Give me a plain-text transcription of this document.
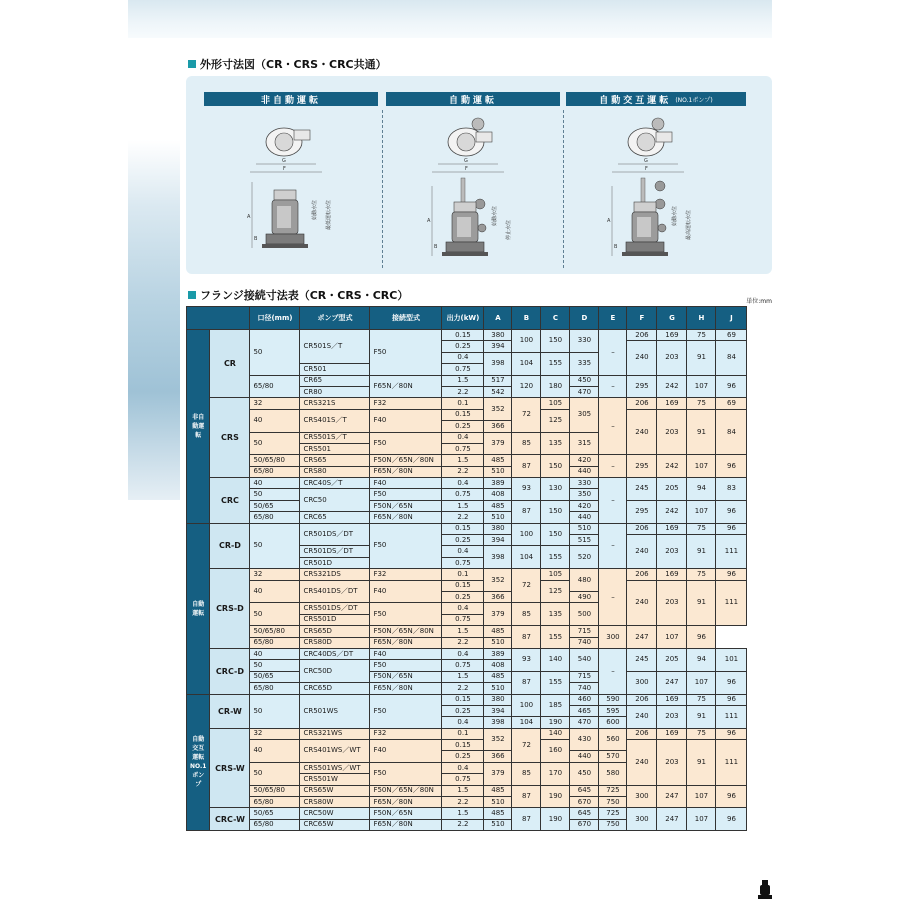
外形寸法図（CR・CRS・CRC共通）
非自動運転	自動運転	自動交互運転 (NO.1ポンプ)
G
F
A
B
始動水位 最低運転水位
G
F
A
B
始動水位
停止水位
G
F
A
B
始動水位 最高運転水位
フランジ接続寸法表（CR・CRS・CRC）	単位:mm
		口径(mm)	ポンプ型式	接続型式	出力(kW)	A	B	C	D	E	F	G	H	J
非自動運転	CR	50	CR501S／T	F50	0.15	380	100	150	330	–	206	169	75	69
					0.25	394					240	203	91	84
					0.4	398	104	155	335					
			CR501		0.75									
		65/80	CR65	F65N／80N	1.5	517	120	180	450	–	295	242	107	96
			CR80		2.2	542			470					
	CRS	32	CRS321S	F32	0.1	352	72	105	305	–	206	169	75	69
					0.15			125						
		40	CRS401S／T	F40							240	203	91	84
					0.25	366								
		50	CRS501S／T	F50	0.4	379	85	135	315					
			CRS501		0.75									
		50/65/80	CRS65	F50N／65N／80N	1.5	485	87	150	420	–	295	242	107	96
		65/80	CRS80	F65N／80N	2.2	510			440					
	CRC	40	CRC40S／T	F40	0.4	389	93	130	330	–	245	205	94	83
		50	CRC50	F50	0.75	408			350					
		50/65		F50N／65N	1.5	485	87	150	420		295	242	107	96
		65/80	CRC65	F65N／80N	2.2	510			440					
自動運転	CR-D	50	CR501DS／DT	F50	0.15	380	100	150	510	–	206	169	75	96
					0.25	394			515		240	203	91	111
			CR501DS／DT		0.4	398	104	155	520					
			CR501D		0.75									
	CRS-D	32	CRS321DS	F32	0.1	352	72	105	480	–	206	169	75	96
					0.15			125						
		40	CRS401DS／DT	F40							240	203	91	111
					0.25	366			490					
		50	CRS501DS／DT	F50	0.4	379	85	135	500					
			CRS501D		0.75									
		50/65/80	CRS65D	F50N／65N／80N	1.5	485	87	155	715	300	247	107	96	
		65/80	CRS80D	F65N／80N	2.2	510			740					
	CRC-D	40	CRC40DS／DT	F40	0.4	389	93	140	540	–	245	205	94	101
		50	CRC50D	F50	0.75	408								
		50/65		F50N／65N	1.5	485	87	155	715		300	247	107	96
		65/80	CRC65D	F65N／80N	2.2	510			740					
自動交互運転 NO.1ポンプ	CR-W	50	CR501WS	F50	0.15	380	100	185	460	590	206	169	75	96
					0.25	394			465	595	240	203	91	111
					0.4	398	104	190	470	600				
	CRS-W	32	CRS321WS	F32	0.1	352	72	140	430	560	206	169	75	96
					0.15			160						
		40	CRS401WS／WT	F40							240	203	91	111
					0.25	366			440	570				
		50	CRS501WS／WT	F50	0.4	379	85	170	450	580				
			CRS501W		0.75									
		50/65/80	CRS65W	F50N／65N／80N	1.5	485	87	190	645	725	300	247	107	96
		65/80	CRS80W	F65N／80N	2.2	510			670	750				
	CRC-W	50/65	CRC50W	F50N／65N	1.5	485	87	190	645	725	300	247	107	96
		65/80	CRC65W	F65N／80N	2.2	510			670	750				
